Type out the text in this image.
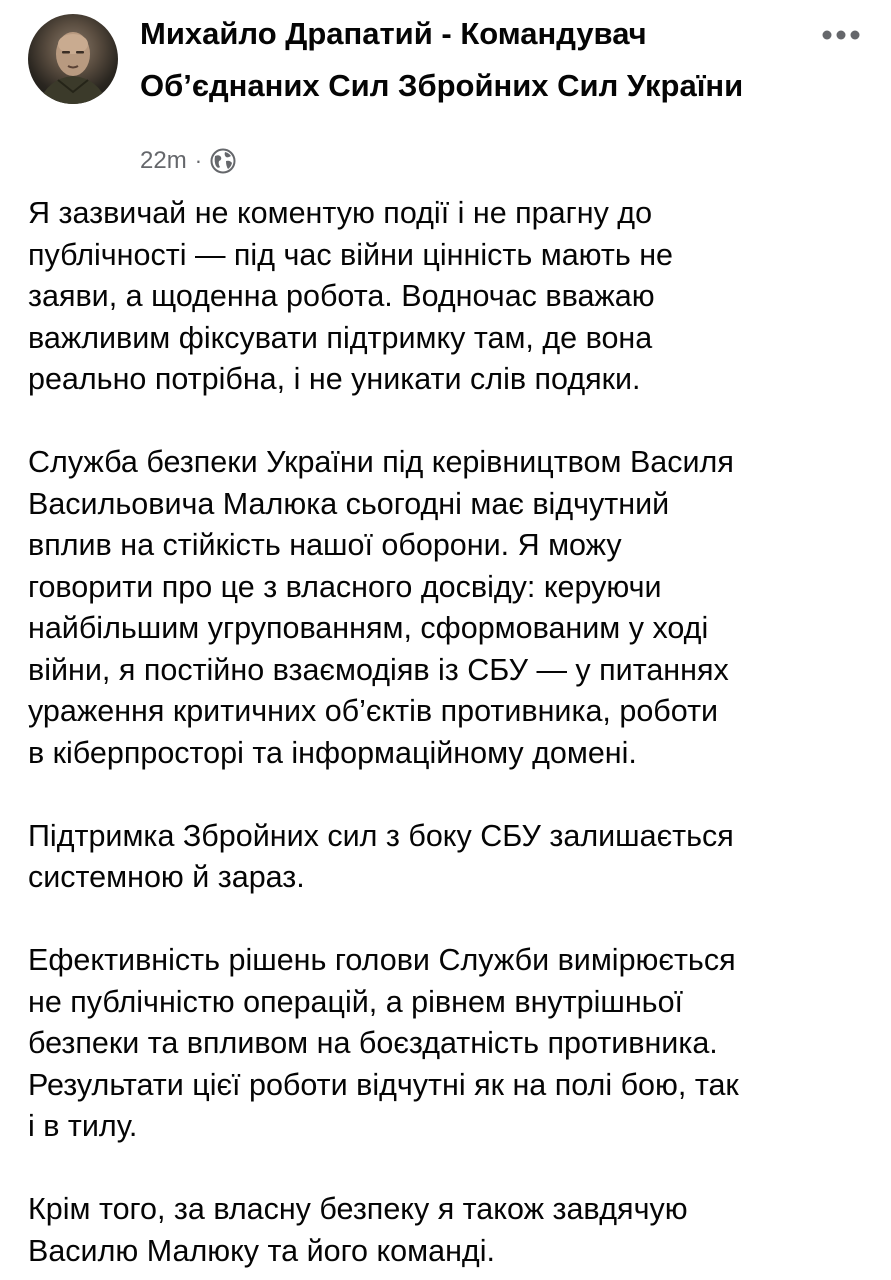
Михайло Драпатий - Командувач Об’єднаних Сил Збройних Сил України
22m ·

Я зазвичай не коментую події і не прагну до
публічності — під час війни цінність мають не
заяви, а щоденна робота. Водночас вважаю
важливим фіксувати підтримку там, де вона
реально потрібна, і не уникати слів подяки.

Служба безпеки України під керівництвом Василя
Васильовича Малюка сьогодні має відчутний
вплив на стійкість нашої оборони. Я можу
говорити про це з власного досвіду: керуючи
найбільшим угрупованням, сформованим у ході
війни, я постійно взаємодіяв із СБУ — у питаннях
ураження критичних об’єктів противника, роботи
в кіберпросторі та інформаційному домені.

Підтримка Збройних сил з боку СБУ залишається
системною й зараз.

Ефективність рішень голови Служби вимірюється
не публічністю операцій, а рівнем внутрішньої
безпеки та впливом на боєздатність противника.
Результати цієї роботи відчутні як на полі бою, так
і в тилу.

Крім того, за власну безпеку я також завдячую
Василю Малюку та його команді.
